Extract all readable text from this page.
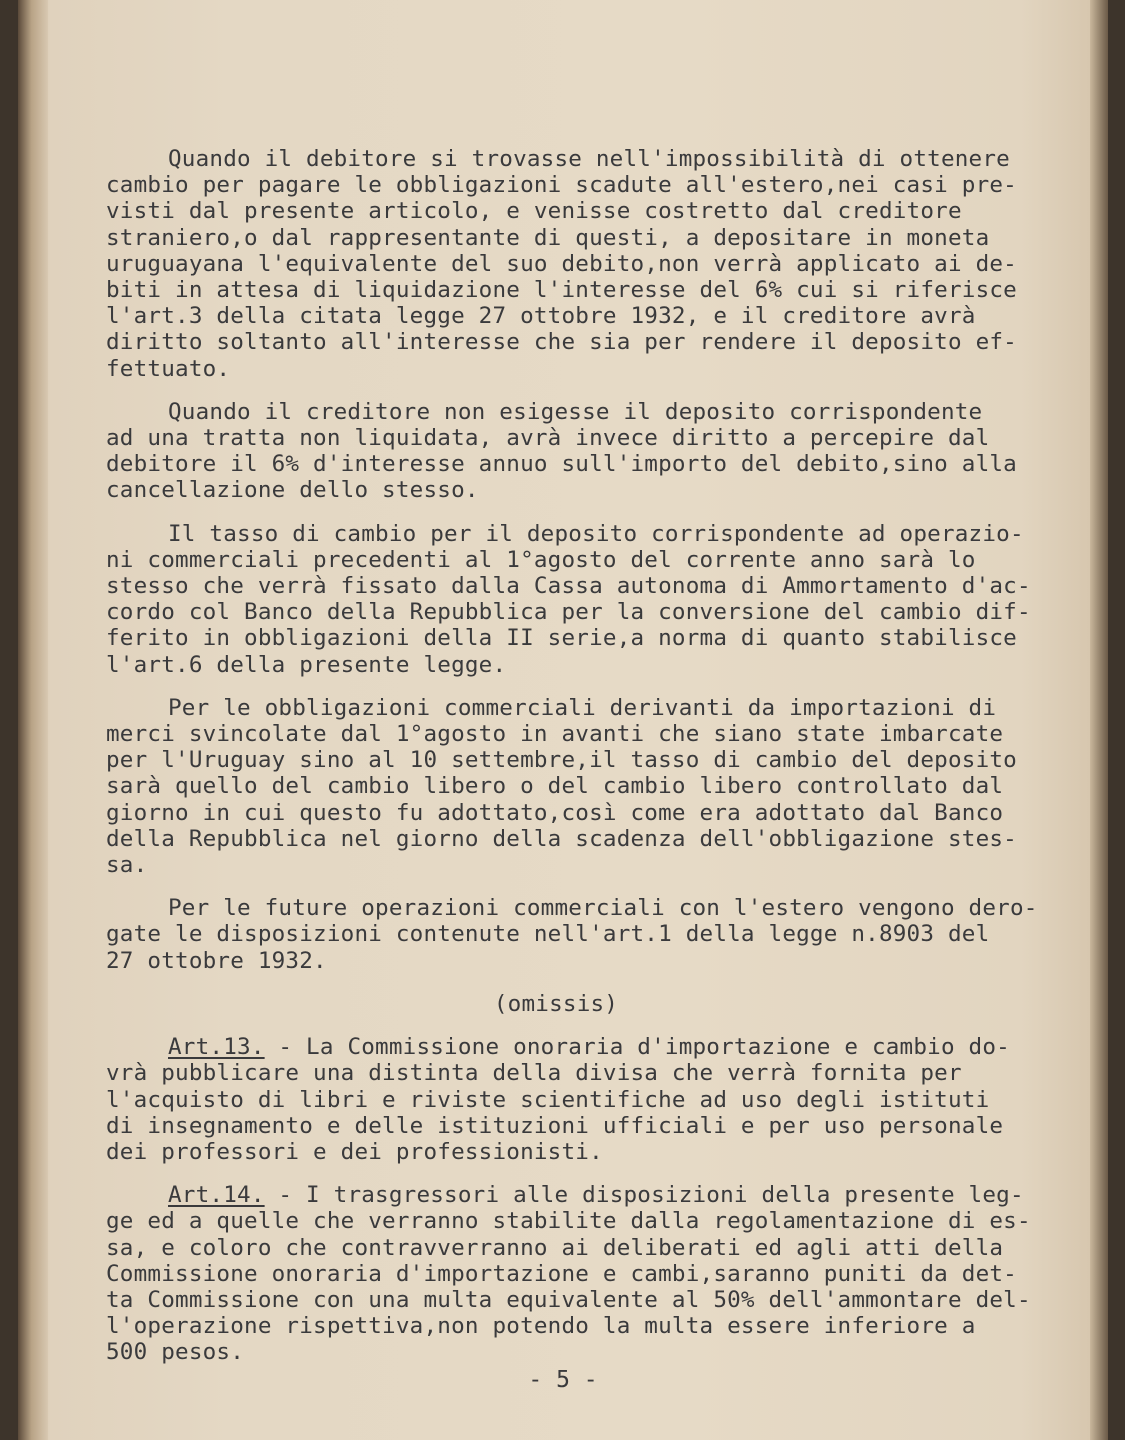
Quando il debitore si trovasse nell'impossibilità di ottenere
cambio per pagare le obbligazioni scadute all'estero,nei casi pre-
visti dal presente articolo, e venisse costretto dal creditore
straniero,o dal rappresentante di questi, a depositare in moneta
uruguayana l'equivalente del suo debito,non verrà applicato ai de-
biti in attesa di liquidazione l'interesse del 6% cui si riferisce
l'art.3 della citata legge 27 ottobre 1932, e il creditore avrà
diritto soltanto all'interesse che sia per rendere il deposito ef-
fettuato.

Quando il creditore non esigesse il deposito corrispondente
ad una tratta non liquidata, avrà invece diritto a percepire dal
debitore il 6% d'interesse annuo sull'importo del debito,sino alla
cancellazione dello stesso.

Il tasso di cambio per il deposito corrispondente ad operazio-
ni commerciali precedenti al 1°agosto del corrente anno sarà lo
stesso che verrà fissato dalla Cassa autonoma di Ammortamento d'ac-
cordo col Banco della Repubblica per la conversione del cambio dif-
ferito in obbligazioni della II serie,a norma di quanto stabilisce
l'art.6 della presente legge.

Per le obbligazioni commerciali derivanti da importazioni di
merci svincolate dal 1°agosto in avanti che siano state imbarcate
per l'Uruguay sino al 10 settembre,il tasso di cambio del deposito
sarà quello del cambio libero o del cambio libero controllato dal
giorno in cui questo fu adottato,così come era adottato dal Banco
della Repubblica nel giorno della scadenza dell'obbligazione stes-
sa.

Per le future operazioni commerciali con l'estero vengono dero-
gate le disposizioni contenute nell'art.1 della legge n.8903 del
27 ottobre 1932.

(omissis)

Art.13. - La Commissione onoraria d'importazione e cambio do-
vrà pubblicare una distinta della divisa che verrà fornita per
l'acquisto di libri e riviste scientifiche ad uso degli istituti
di insegnamento e delle istituzioni ufficiali e per uso personale
dei professori e dei professionisti.

Art.14. - I trasgressori alle disposizioni della presente leg-
ge ed a quelle che verranno stabilite dalla regolamentazione di es-
sa, e coloro che contravverranno ai deliberati ed agli atti della
Commissione onoraria d'importazione e cambi,saranno puniti da det-
ta Commissione con una multa equivalente al 50% dell'ammontare del-
l'operazione rispettiva,non potendo la multa essere inferiore a
500 pesos.

- 5 -
